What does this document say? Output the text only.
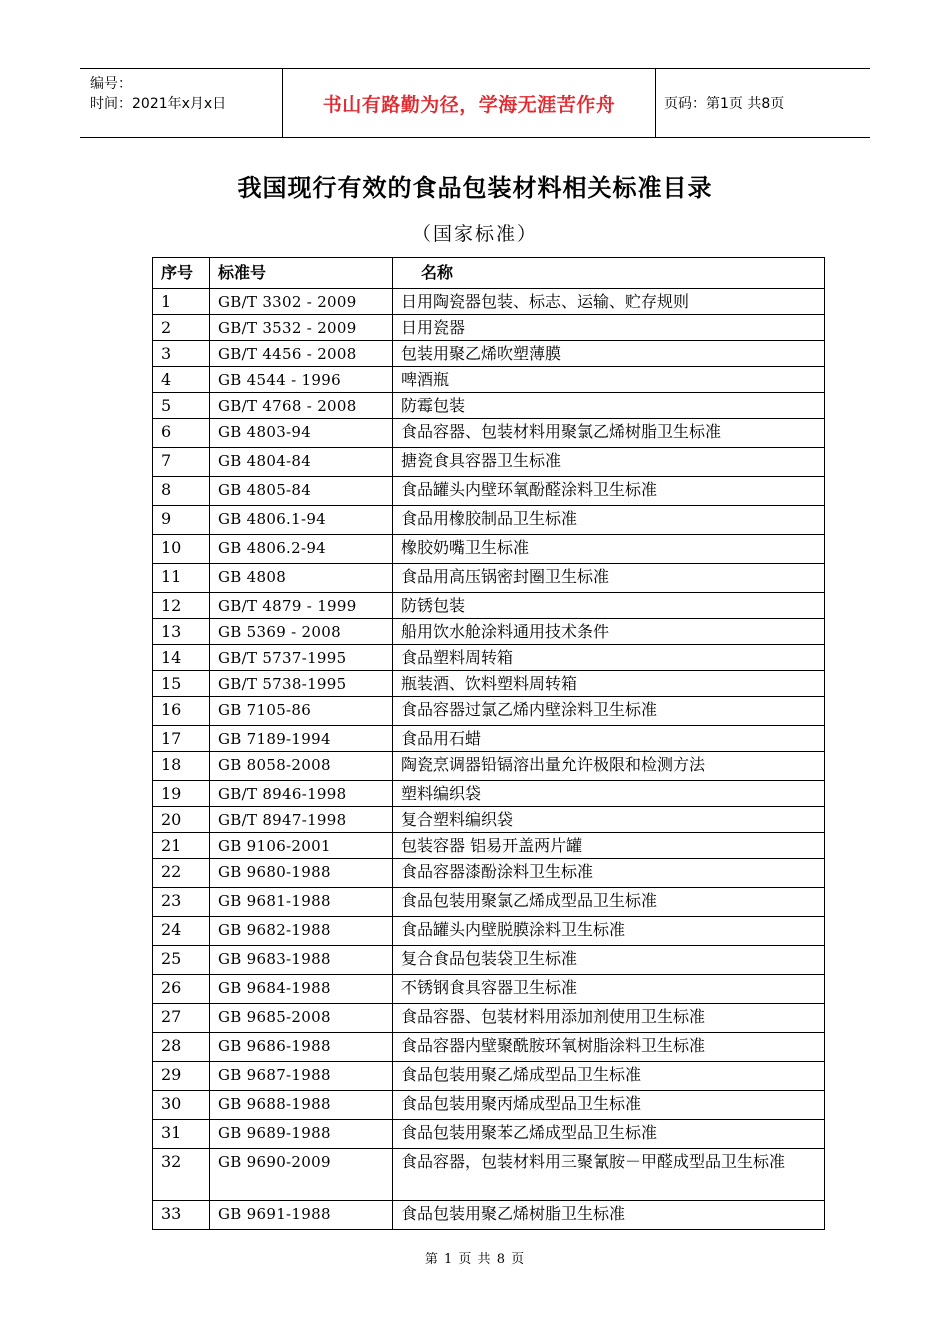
编号：
时间：2021年x月x日	书山有路勤为径，学海无涯苦作舟	页码：第1页 共8页
我国现行有效的食品包装材料相关标准目录
（国家标准）
序号	标准号	名称
1	GB/T 3302 - 2009	日用陶瓷器包装、标志、运输、贮存规则
2	GB/T 3532 - 2009	日用瓷器
3	GB/T 4456 - 2008	包装用聚乙烯吹塑薄膜
4	GB 4544 - 1996	啤酒瓶
5	GB/T 4768 - 2008	防霉包装
6	GB 4803-94	食品容器、包装材料用聚氯乙烯树脂卫生标准
7	GB 4804-84	搪瓷食具容器卫生标准
8	GB 4805-84	食品罐头内壁环氧酚醛涂料卫生标准
9	GB 4806.1-94	食品用橡胶制品卫生标准
10	GB 4806.2-94	橡胶奶嘴卫生标准
11	GB 4808	食品用高压锅密封圈卫生标准
12	GB/T 4879 - 1999	防锈包装
13	GB 5369 - 2008	船用饮水舱涂料通用技术条件
14	GB/T 5737-1995	食品塑料周转箱
15	GB/T 5738-1995	瓶装酒、饮料塑料周转箱
16	GB 7105-86	食品容器过氯乙烯内壁涂料卫生标准
17	GB 7189-1994	食品用石蜡
18	GB 8058-2008	陶瓷烹调器铅镉溶出量允许极限和检测方法
19	GB/T 8946-1998	塑料编织袋
20	GB/T 8947-1998	复合塑料编织袋
21	GB 9106-2001	包装容器 铝易开盖两片罐
22	GB 9680-1988	食品容器漆酚涂料卫生标准
23	GB 9681-1988	食品包装用聚氯乙烯成型品卫生标准
24	GB 9682-1988	食品罐头内壁脱膜涂料卫生标准
25	GB 9683-1988	复合食品包装袋卫生标准
26	GB 9684-1988	不锈钢食具容器卫生标准
27	GB 9685-2008	食品容器、包装材料用添加剂使用卫生标准
28	GB 9686-1988	食品容器内壁聚酰胺环氧树脂涂料卫生标准
29	GB 9687-1988	食品包装用聚乙烯成型品卫生标准
30	GB 9688-1988	食品包装用聚丙烯成型品卫生标准
31	GB 9689-1988	食品包装用聚苯乙烯成型品卫生标准
32	GB 9690-2009	食品容器，包装材料用三聚氰胺－甲醛成型品卫生标准
33	GB 9691-1988	食品包装用聚乙烯树脂卫生标准
第 1 页 共 8 页
